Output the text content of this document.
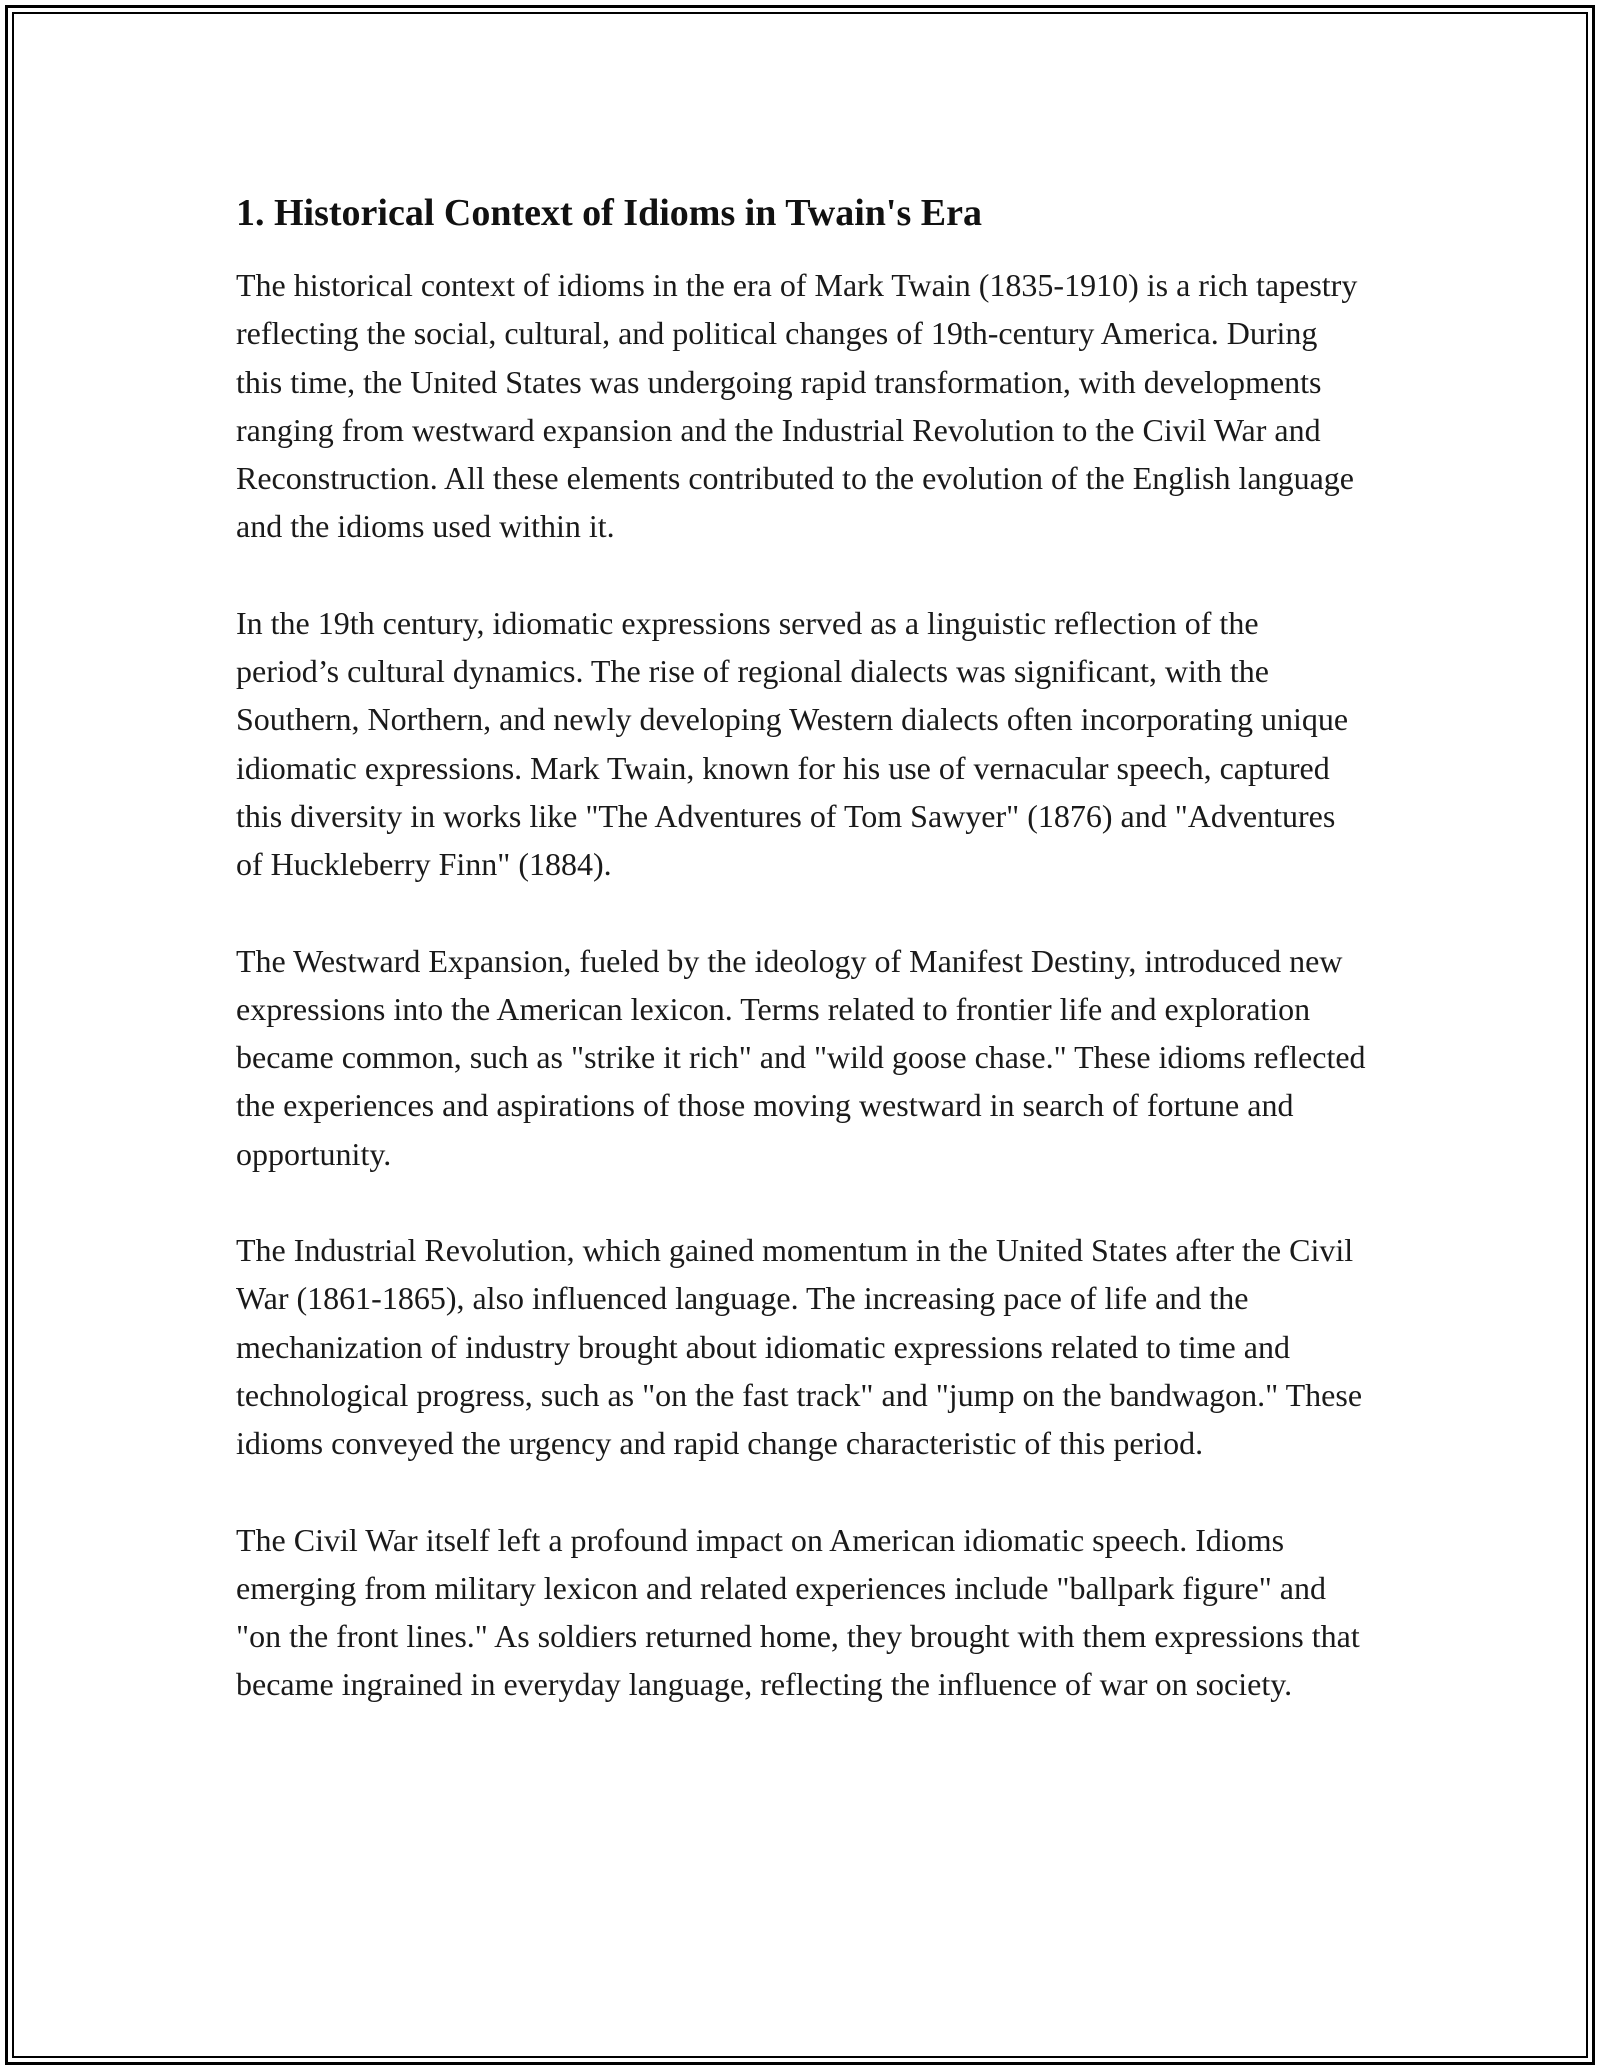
1. Historical Context of Idioms in Twain's Era

The historical context of idioms in the era of Mark Twain (1835-1910) is a rich tapestry reflecting the social, cultural, and political changes of 19th-century America. During this time, the United States was undergoing rapid transformation, with developments ranging from westward expansion and the Industrial Revolution to the Civil War and Reconstruction. All these elements contributed to the evolution of the English language and the idioms used within it.

In the 19th century, idiomatic expressions served as a linguistic reflection of the period’s cultural dynamics. The rise of regional dialects was significant, with the Southern, Northern, and newly developing Western dialects often incorporating unique idiomatic expressions. Mark Twain, known for his use of vernacular speech, captured this diversity in works like "The Adventures of Tom Sawyer" (1876) and "Adventures of Huckleberry Finn" (1884).

The Westward Expansion, fueled by the ideology of Manifest Destiny, introduced new expressions into the American lexicon. Terms related to frontier life and exploration became common, such as "strike it rich" and "wild goose chase." These idioms reflected the experiences and aspirations of those moving westward in search of fortune and opportunity.

The Industrial Revolution, which gained momentum in the United States after the Civil War (1861-1865), also influenced language. The increasing pace of life and the mechanization of industry brought about idiomatic expressions related to time and technological progress, such as "on the fast track" and "jump on the bandwagon." These idioms conveyed the urgency and rapid change characteristic of this period.

The Civil War itself left a profound impact on American idiomatic speech. Idioms emerging from military lexicon and related experiences include "ballpark figure" and "on the front lines." As soldiers returned home, they brought with them expressions that became ingrained in everyday language, reflecting the influence of war on society.
